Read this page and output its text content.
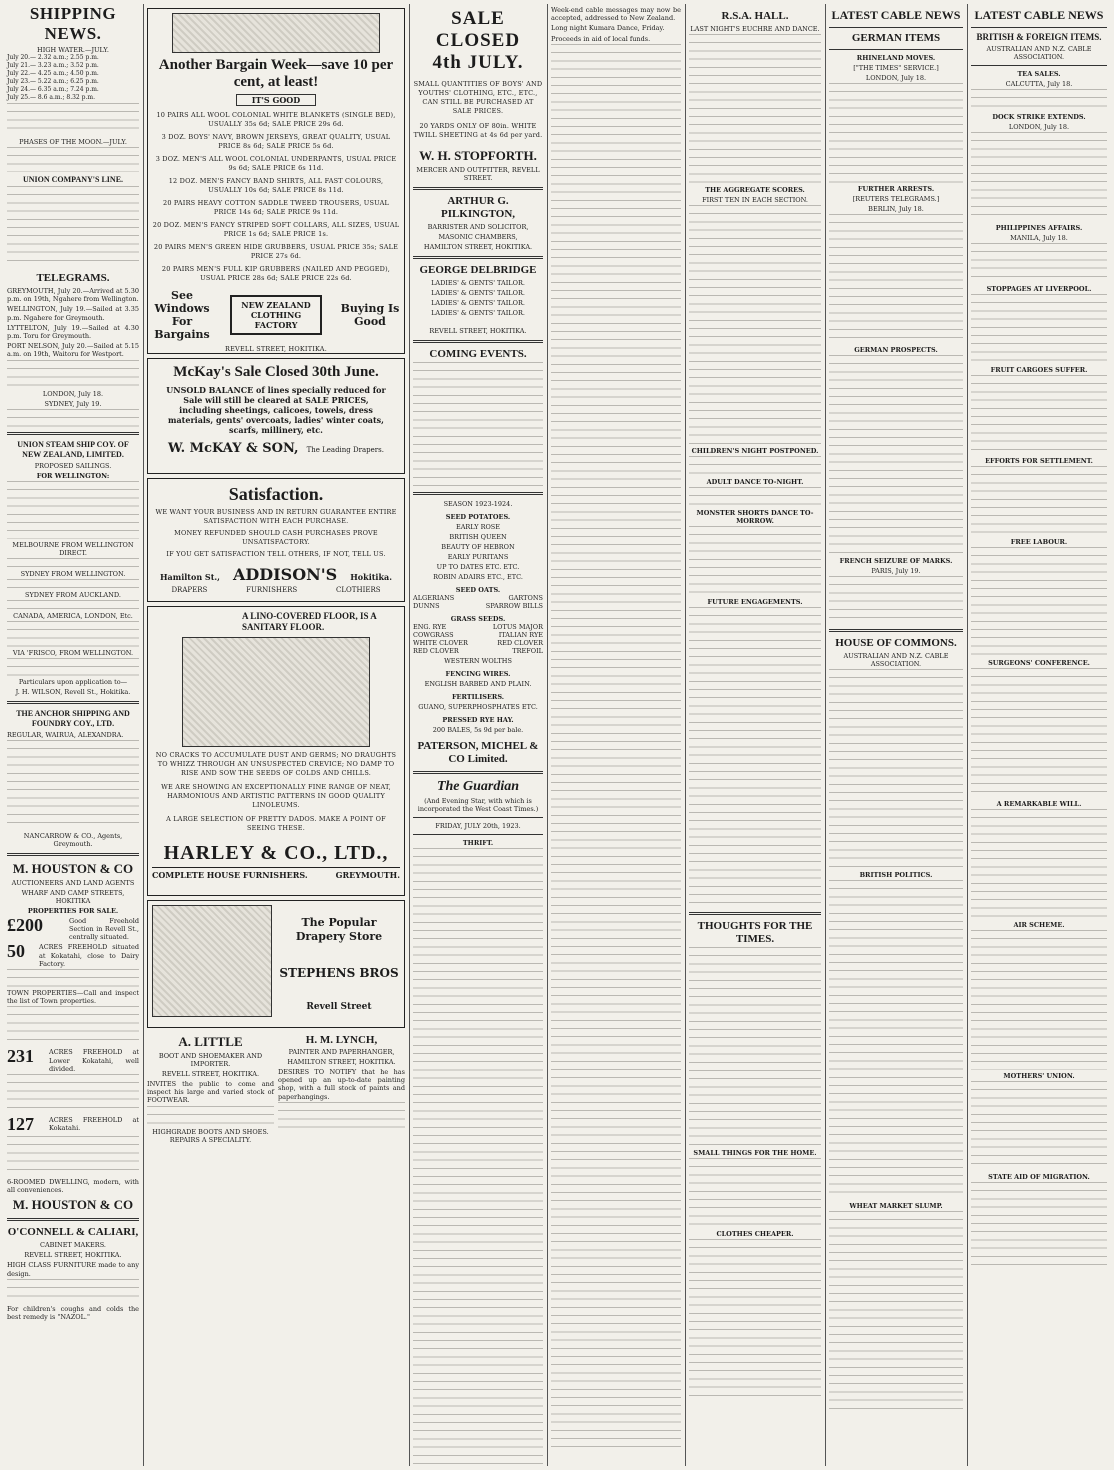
SHIPPING NEWS.
HIGH WATER.—JULY.
July 20.— 2.32 a.m.; 2.55 p.m.
July 21.— 3.23 a.m.; 3.52 p.m.
July 22.— 4.25 a.m.; 4.50 p.m.
July 23.— 5.22 a.m.; 6.25 p.m.
July 24.— 6.35 a.m.; 7.24 p.m.
July 25.— 8.6 a.m.; 8.32 p.m.
PHASES OF THE MOON.—JULY.
UNION COMPANY'S LINE.
TELEGRAMS.
GREYMOUTH, July 20.—Arrived at 5.30 p.m. on 19th, Ngahere from Wellington.
WELLINGTON, July 19.—Sailed at 3.35 p.m. Ngahere for Greymouth.
LYTTELTON, July 19.—Sailed at 4.30 p.m. Toru for Greymouth.
PORT NELSON, July 20.—Sailed at 5.15 a.m. on 19th, Waitoru for Westport.
LONDON, July 18.
SYDNEY, July 19.
UNION STEAM SHIP COY. OF NEW ZEALAND, LIMITED.
PROPOSED SAILINGS.
FOR WELLINGTON:
MELBOURNE FROM WELLINGTON DIRECT.
SYDNEY FROM WELLINGTON.
SYDNEY FROM AUCKLAND.
CANADA, AMERICA, LONDON, Etc.
VIA 'FRISCO, FROM WELLINGTON.
Particulars upon application to—
J. H. WILSON, Revell St., Hokitika.
THE ANCHOR SHIPPING AND FOUNDRY COY., LTD.
REGULAR, WAIRUA, ALEXANDRA.
NANCARROW & CO., Agents, Greymouth.
M. HOUSTON & CO
AUCTIONEERS AND LAND AGENTS
WHARF AND CAMP STREETS, HOKITIKA
PROPERTIES FOR SALE.
£200	Good Freehold Section in Revell St., centrally situated.
50 ACRES FREEHOLD situated at Kokatahi, close to Dairy Factory.
TOWN PROPERTIES—Call and inspect the list of Town properties.
231 ACRES FREEHOLD at Lower Kokatahi, well divided.
127 ACRES FREEHOLD at Kokatahi.
6-ROOMED DWELLING, modern, with all conveniences.
M. HOUSTON & CO
O'CONNELL & CALIARI,
CABINET MAKERS.
REVELL STREET, HOKITIKA.
HIGH CLASS FURNITURE made to any design.
For children's coughs and colds the best remedy is "NAZOL."
Another Bargain Week—save 10 per cent, at least!
IT'S GOOD
10 PAIRS ALL WOOL COLONIAL WHITE BLANKETS (SINGLE BED), USUALLY 35s 6d; SALE PRICE 29s 6d.
3 DOZ. BOYS' NAVY, BROWN JERSEYS, GREAT QUALITY, USUAL PRICE 8s 6d; SALE PRICE 5s 6d.
3 DOZ. MEN'S ALL WOOL COLONIAL UNDERPANTS, USUAL PRICE 9s 6d; SALE PRICE 6s 11d.
12 DOZ. MEN'S FANCY BAND SHIRTS, ALL FAST COLOURS, USUALLY 10s 6d; SALE PRICE 8s 11d.
20 PAIRS HEAVY COTTON SADDLE TWEED TROUSERS, USUAL PRICE 14s 6d; SALE PRICE 9s 11d.
20 DOZ. MEN'S FANCY STRIPED SOFT COLLARS, ALL SIZES, USUAL PRICE 1s 6d; SALE PRICE 1s.
20 PAIRS MEN'S GREEN HIDE GRUBBERS, USUAL PRICE 35s; SALE PRICE 27s 6d.
20 PAIRS MEN'S FULL KIP GRUBBERS (NAILED AND PEGGED), USUAL PRICE 28s 6d; SALE PRICE 22s 6d.
See Windows For Bargains
NEW ZEALAND CLOTHING FACTORY
Buying Is Good
REVELL STREET, HOKITIKA.
McKay's Sale Closed 30th June.
UNSOLD BALANCE of lines specially reduced for Sale will still be cleared at SALE PRICES, including sheetings, calicoes, towels, dress materials, gents' overcoats, ladies' winter coats, scarfs, millinery, etc.
W. McKAY & SON, The Leading Drapers.
Satisfaction.
WE WANT YOUR BUSINESS AND IN RETURN GUARANTEE ENTIRE SATISFACTION WITH EACH PURCHASE.
MONEY REFUNDED SHOULD CASH PURCHASES PROVE UNSATISFACTORY.
IF YOU GET SATISFACTION TELL OTHERS, IF NOT, TELL US.
Hamilton St., ADDISON'S Hokitika.
DRAPERS	FURNISHERS	CLOTHIERS
A LINO-COVERED FLOOR, IS A SANITARY FLOOR.
NO CRACKS TO ACCUMULATE DUST AND GERMS; NO DRAUGHTS TO WHIZZ THROUGH AN UNSUSPECTED CREVICE; NO DAMP TO RISE AND SOW THE SEEDS OF COLDS AND CHILLS.
WE ARE SHOWING AN EXCEPTIONALLY FINE RANGE OF NEAT, HARMONIOUS AND ARTISTIC PATTERNS IN GOOD QUALITY LINOLEUMS.
A LARGE SELECTION OF PRETTY DADOS. MAKE A POINT OF SEEING THESE.
HARLEY & CO., LTD.,
COMPLETE HOUSE FURNISHERS.	GREYMOUTH.
The Popular Drapery Store
STEPHENS BROS
Revell Street
A. LITTLE
BOOT AND SHOEMAKER AND IMPORTER.
REVELL STREET, HOKITIKA.
INVITES the public to come and inspect his large and varied stock of FOOTWEAR.
HIGHGRADE BOOTS AND SHOES. REPAIRS A SPECIALITY.
H. M. LYNCH,
PAINTER AND PAPERHANGER,
HAMILTON STREET, HOKITIKA.
DESIRES TO NOTIFY that he has opened up an up-to-date painting shop, with a full stock of paints and paperhangings.
SALE CLOSED
4th JULY.
SMALL QUANTITIES OF BOYS' AND YOUTHS' CLOTHING, ETC., ETC., CAN STILL BE PURCHASED AT SALE PRICES.
20 YARDS ONLY OF 80in. WHITE TWILL SHEETING at 4s 6d per yard.
W. H. STOPFORTH.
MERCER AND OUTFITTER, REVELL STREET.
ARTHUR G. PILKINGTON,
BARRISTER AND SOLICITOR,
MASONIC CHAMBERS,
HAMILTON STREET, HOKITIKA.
GEORGE DELBRIDGE
LADIES' & GENTS' TAILOR.
LADIES' & GENTS' TAILOR.
LADIES' & GENTS' TAILOR.
LADIES' & GENTS' TAILOR.
REVELL STREET, HOKITIKA.
COMING EVENTS.
SEASON 1923-1924.
SEED POTATOES.
EARLY ROSE
BRITISH QUEEN
BEAUTY OF HEBRON
EARLY PURITANS
UP TO DATES ETC. ETC.
ROBIN ADAIRS ETC., ETC.
SEED OATS.
ALGERIANS	GARTONS
DUNNS	SPARROW BILLS
GRASS SEEDS.
ENG. RYE	LOTUS MAJOR
COWGRASS	ITALIAN RYE
WHITE CLOVER	RED CLOVER
RED CLOVER	TREFOIL
WESTERN WOLTHS
FENCING WIRES.
ENGLISH BARBED AND PLAIN.
FERTILISERS.
GUANO, SUPERPHOSPHATES ETC.
PRESSED RYE HAY.
200 BALES, 5s 9d per bale.
PATERSON, MICHEL & CO Limited.
The Guardian
(And Evening Star, with which is incorporated the West Coast Times.)
FRIDAY, JULY 20th, 1923.
THRIFT.
Week-end cable messages may now be accepted, addressed to New Zealand.
Long night Kumara Dance, Friday.
Proceeds in aid of local funds.
R.S.A. HALL.
LAST NIGHT'S EUCHRE AND DANCE.
THE AGGREGATE SCORES.
FIRST TEN IN EACH SECTION.
CHILDREN'S NIGHT POSTPONED.
ADULT DANCE TO-NIGHT.
MONSTER SHORTS DANCE TO-MORROW.
FUTURE ENGAGEMENTS.
THOUGHTS FOR THE TIMES.
SMALL THINGS FOR THE HOME.
CLOTHES CHEAPER.
LATEST CABLE NEWS
GERMAN ITEMS
RHINELAND MOVES.
["THE TIMES" SERVICE.]
LONDON, July 18.
FURTHER ARRESTS.
[REUTERS TELEGRAMS.]
BERLIN, July 18.
GERMAN PROSPECTS.
FRENCH SEIZURE OF MARKS.
PARIS, July 19.
HOUSE OF COMMONS.
AUSTRALIAN AND N.Z. CABLE ASSOCIATION.
BRITISH POLITICS.
WHEAT MARKET SLUMP.
LATEST CABLE NEWS
BRITISH & FOREIGN ITEMS.
AUSTRALIAN AND N.Z. CABLE ASSOCIATION.
TEA SALES.
CALCUTTA, July 18.
DOCK STRIKE EXTENDS.
LONDON, July 18.
PHILIPPINES AFFAIRS.
MANILA, July 18.
STOPPAGES AT LIVERPOOL.
FRUIT CARGOES SUFFER.
EFFORTS FOR SETTLEMENT.
FREE LABOUR.
SURGEONS' CONFERENCE.
A REMARKABLE WILL.
AIR SCHEME.
MOTHERS' UNION.
STATE AID OF MIGRATION.
